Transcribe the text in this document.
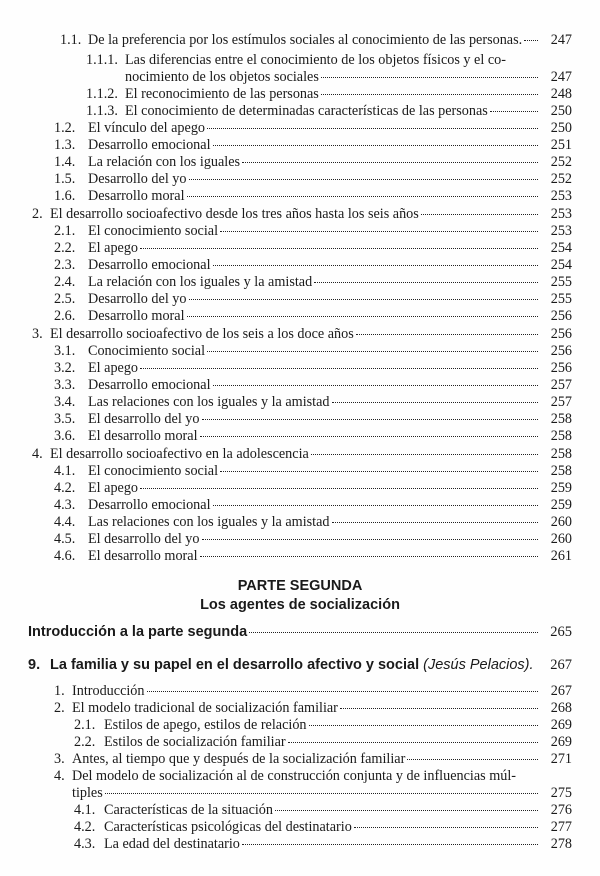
1.1. De la preferencia por los estímulos sociales al conocimiento de las personas. 247
1.1.1. Las diferencias entre el conocimiento de los objetos físicos y el co-
nocimiento de los objetos sociales	247
1.1.2. El reconocimiento de las personas	248
1.1.3. El conocimiento de determinadas características de las personas	250
1.2. El vínculo del apego	250
1.3. Desarrollo emocional	251
1.4. La relación con los iguales	252
1.5. Desarrollo del yo	252
1.6. Desarrollo moral	253
2. El desarrollo socioafectivo desde los tres años hasta los seis años	253
2.1. El conocimiento social	253
2.2. El apego	254
2.3. Desarrollo emocional	254
2.4. La relación con los iguales y la amistad	255
2.5. Desarrollo del yo	255
2.6. Desarrollo moral	256
3. El desarrollo socioafectivo de los seis a los doce años	256
3.1. Conocimiento social	256
3.2. El apego	256
3.3. Desarrollo emocional	257
3.4. Las relaciones con los iguales y la amistad	257
3.5. El desarrollo del yo	258
3.6. El desarrollo moral	258
4. El desarrollo socioafectivo en la adolescencia	258
4.1. El conocimiento social	258
4.2. El apego	259
4.3. Desarrollo emocional	259
4.4. Las relaciones con los iguales y la amistad	260
4.5. El desarrollo del yo	260
4.6. El desarrollo moral	261
PARTE SEGUNDA
Los agentes de socialización
Introducción a la parte segunda	265
9. La familia y su papel en el desarrollo afectivo y social
(Jesús Pelacios). 267
1. Introducción	267
2. El modelo tradicional de socialización familiar	268
2.1. Estilos de apego, estilos de relación	269
2.2. Estilos de socialización familiar	269
3. Antes, al tiempo que y después de la socialización familiar	271
4. Del modelo de socialización al de construcción conjunta y de influencias múl-
tiples	275
4.1. Características de la situación	276
4.2. Características psicológicas del destinatario	277
4.3. La edad del destinatario	278
